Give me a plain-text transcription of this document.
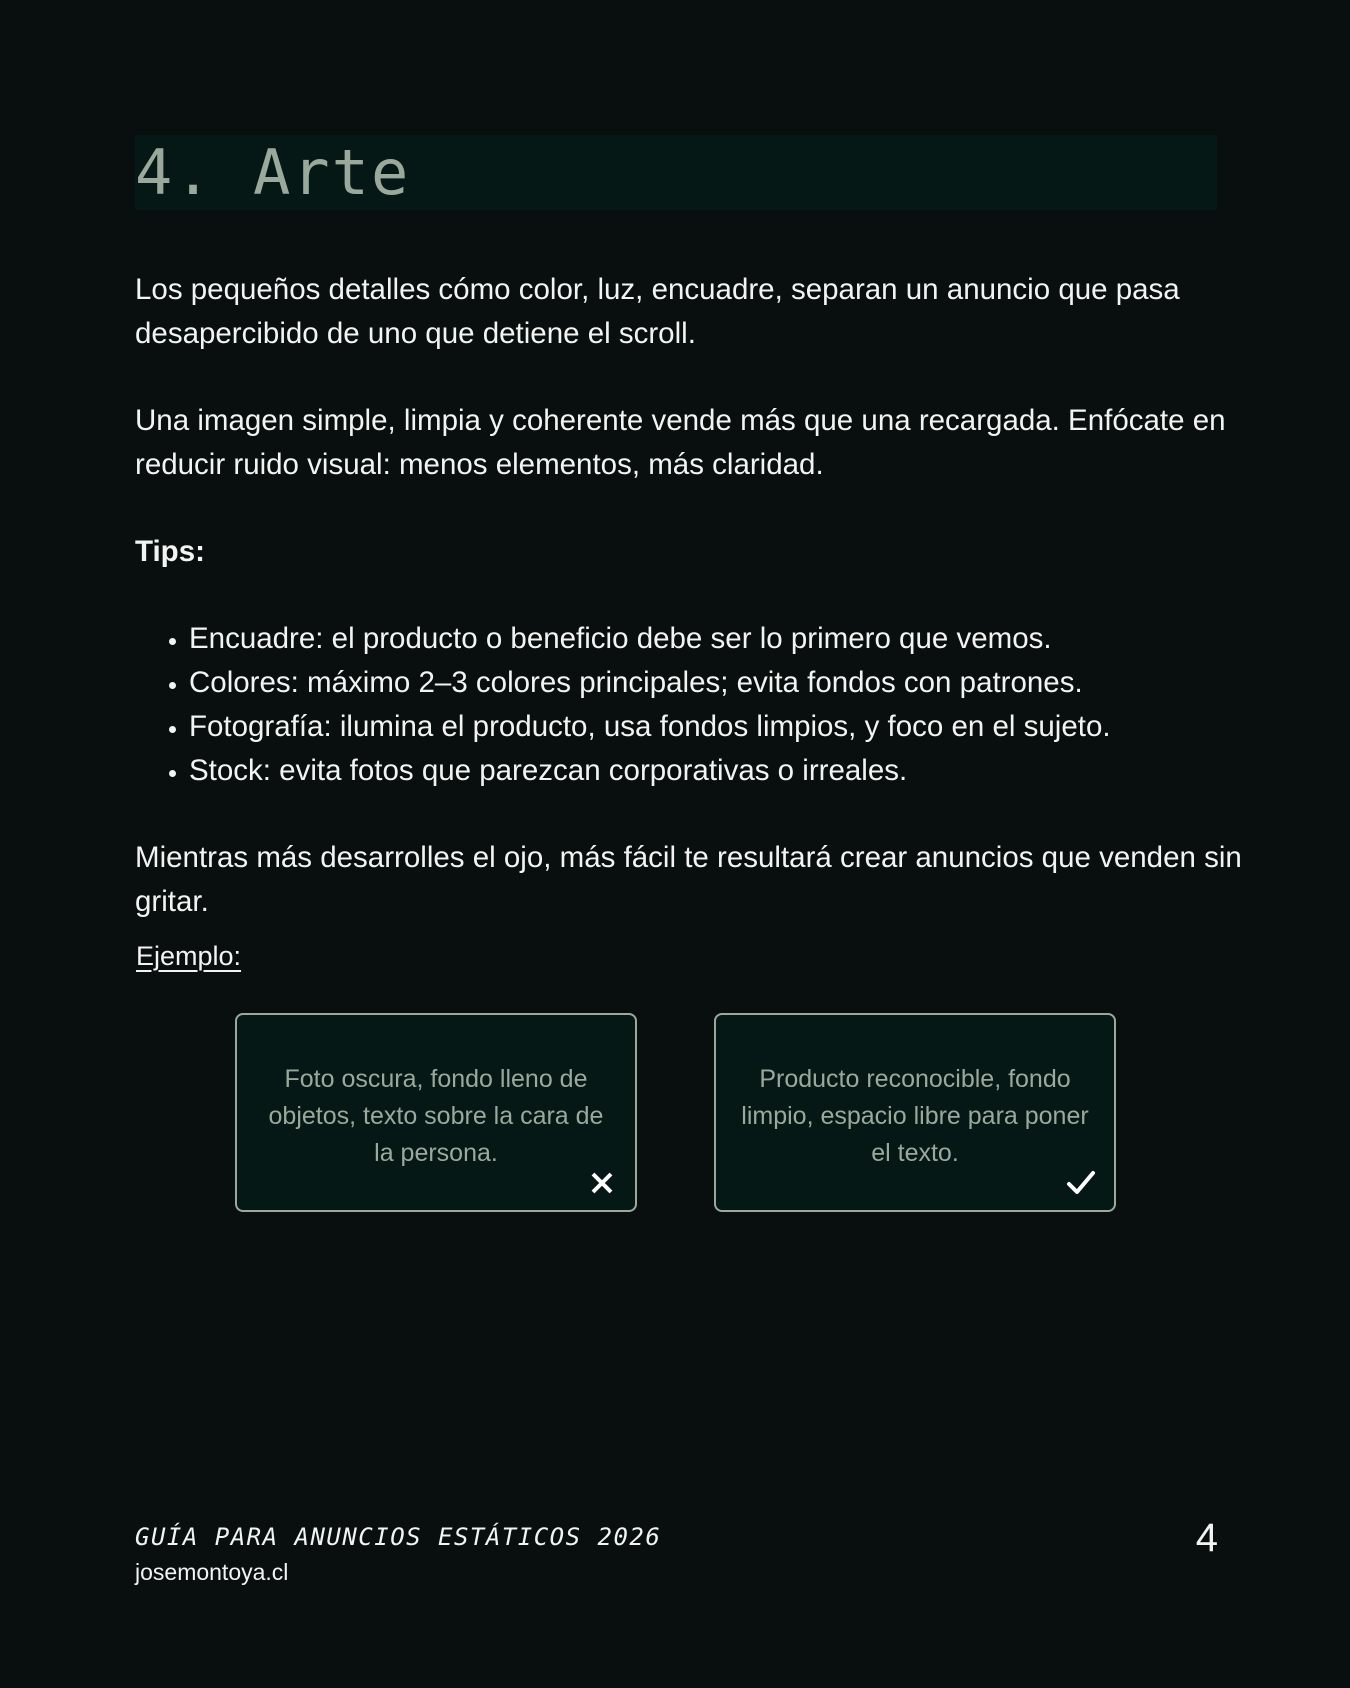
4. Arte

Los pequeños detalles cómo color, luz, encuadre, separan un anuncio que pasa desapercibido de uno que detiene el scroll.

Una imagen simple, limpia y coherente vende más que una recargada. Enfócate en reducir ruido visual: menos elementos, más claridad.

Tips:

• Encuadre: el producto o beneficio debe ser lo primero que vemos.
• Colores: máximo 2–3 colores principales; evita fondos con patrones.
• Fotografía: ilumina el producto, usa fondos limpios, y foco en el sujeto.
• Stock: evita fotos que parezcan corporativas o irreales.

Mientras más desarrolles el ojo, más fácil te resultará crear anuncios que venden sin gritar.

Ejemplo:
Foto oscura, fondo lleno de objetos, texto sobre la cara de la persona.
Producto reconocible, fondo limpio, espacio libre para poner el texto.
GUÍA PARA ANUNCIOS ESTÁTICOS 2026
josemontoya.cl
4
